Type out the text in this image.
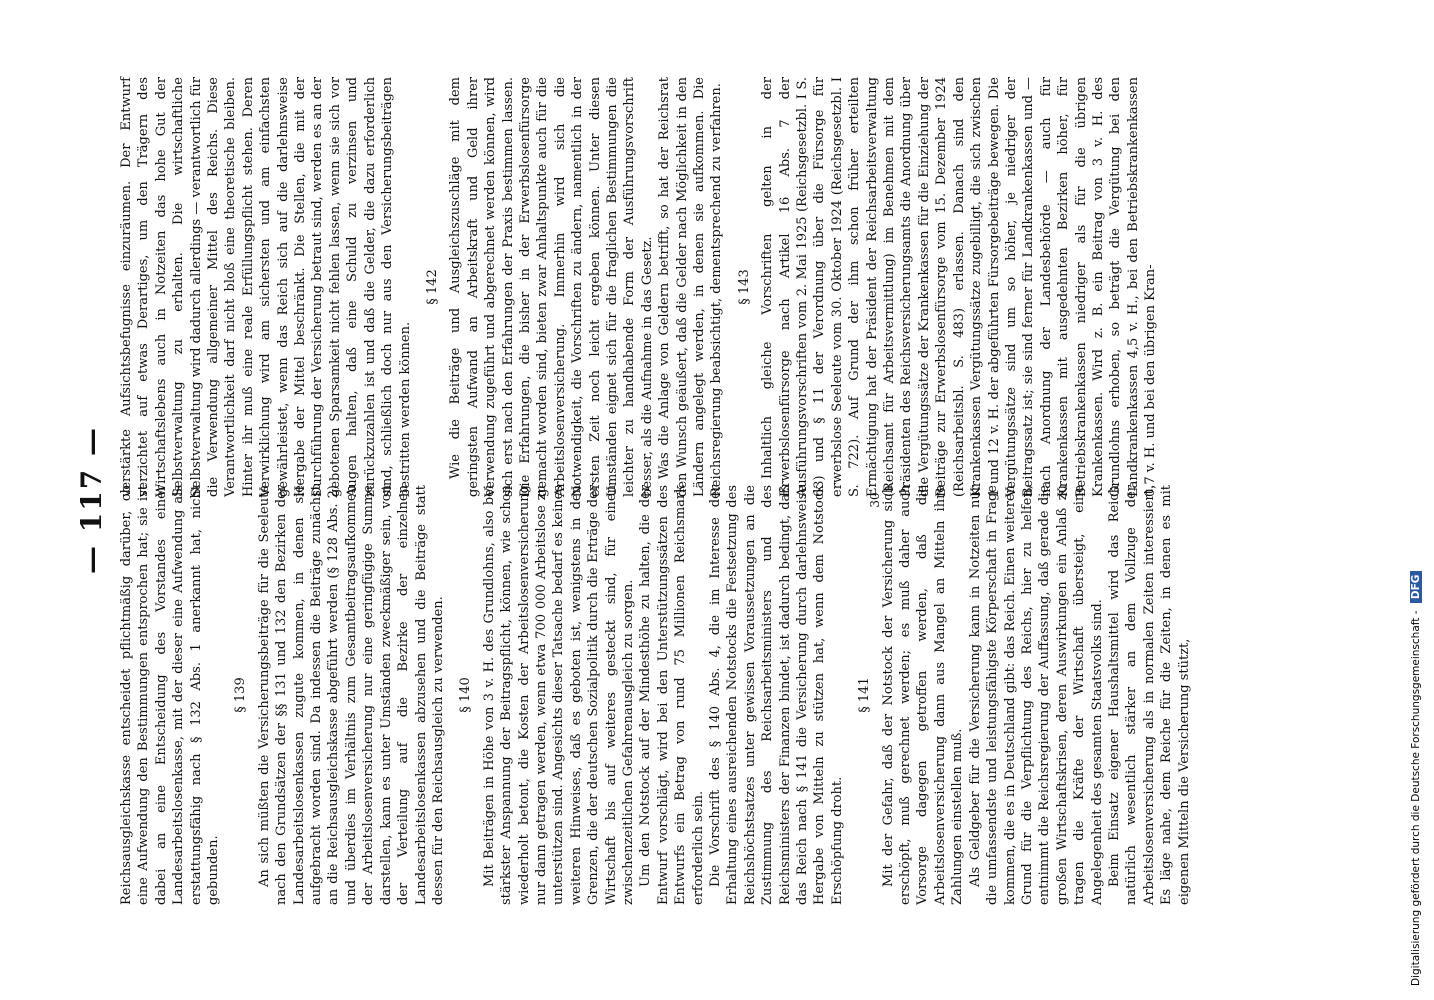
— 117 — Reichsausgleichskasse entscheidet pflichtmäßig darüber, ob eine Aufwendung den Bestimmungen entsprochen hat; sie ist dabei an eine Entscheidung des Vorstandes einer Landesarbeitslosenkasse, mit der dieser eine Aufwendung als erstattungsfähig nach § 132 Abs. 1 anerkannt hat, nicht gebunden.

§ 139 An sich müßten die Versicherungsbeiträge für die Seeleute nach den Grundsätzen der §§ 131 und 132 den Bezirken der Landesarbeitslosenkassen zugute kommen, in denen sie aufgebracht worden sind. Da indessen die Beiträge zunächst an die Reichsausgleichskasse abgeführt werden (§ 128 Abs. 2) und überdies im Verhältnis zum Gesamtbeitragsaufkommen der Arbeitslosenversicherung nur eine geringfügige Summe darstellen, kann es unter Umständen zweckmäßiger sein, von der Verteilung auf die Bezirke der einzelnen Landesarbeitslosenkassen abzusehen und die Beiträge statt dessen für den Reichsausgleich zu verwenden. § 140 Mit Beiträgen in Höhe von 3 v. H. des Grundlohns, also bei stärkster Anspannung der Beitragspflicht, können, wie schon wiederholt betont, die Kosten der Arbeitslosenversicherung nur dann getragen werden, wenn etwa 700 000 Arbeitslose zu unterstützen sind. Angesichts dieser Tatsache bedarf es keines weiteren Hinweises, daß es geboten ist, wenigstens in den Grenzen, die der deutschen Sozialpolitik durch die Erträge der Wirtschaft bis auf weiteres gesteckt sind, für einen zwischenzeitlichen Gefahrenausgleich zu sorgen. Um den Notstock auf der Mindesthöhe zu halten, die der Entwurf vorschlägt, wird bei den Unterstützungssätzen des Entwurfs ein Betrag von rund 75 Millionen Reichsmark erforderlich sein. Die Vorschrift des § 140 Abs. 4, die im Interesse der Erhaltung eines ausreichenden Notstocks die Festsetzung des Reichshöchstsatzes unter gewissen Voraussetzungen an die Zustimmung des Reichsarbeitsministers und des Reichsministers der Finanzen bindet, ist dadurch bedingt, daß das Reich nach § 141 die Versicherung durch darlehnsweise Hergabe von Mitteln zu stützen hat, wenn dem Notstock Erschöpfung droht.

§ 141 Mit der Gefahr, daß der Notstock der Versicherung sich erschöpft, muß gerechnet werden; es muß daher auch Vorsorge dagegen getroffen werden, daß die Arbeitslosenversicherung dann aus Mangel an Mitteln ihre Zahlungen einstellen muß. Als Geldgeber für die Versicherung kann in Notzeiten nur die umfassendste und leistungsfähigste Körperschaft in Frage kommen, die es in Deutschland gibt: das Reich. Einen weiteren Grund für die Verpflichtung des Reichs, hier zu helfen, entnimmt die Reichsregierung der Auffassung, daß gerade die großen Wirtschaftskrisen, deren Auswirkungen ein Anlaß zu tragen die Kräfte der Wirtschaft übersteigt, eine Angelegenheit des gesamten Staatsvolks sind. Beim Einsatz eigener Haushaltsmittel wird das Reich natürlich wesentlich stärker an dem Vollzuge der Arbeitslosenversicherung als in normalen Zeiten interessiert. Es läge nahe, dem Reiche für die Zeiten, in denen es mit eigenen Mitteln die Versicherung stützt,

verstärkte Aufsichtsbefugnisse einzuräumen. Der Entwurf verzichtet auf etwas Derartiges, um den Trägern des Wirtschaftslebens auch in Notzeiten das hohe Gut der Selbstverwaltung zu erhalten. Die wirtschaftliche Selbstverwaltung wird dadurch allerdings — verantwortlich für die Verwendung allgemeiner Mittel des Reichs. Diese Verantwortlichkeit darf nicht bloß eine theoretische bleiben. Hinter ihr muß eine reale Erfüllungspflicht stehen. Deren Verwirklichung wird am sichersten und am einfachsten gewährleistet, wenn das Reich sich auf die darlehnsweise Hergabe der Mittel beschränkt. Die Stellen, die mit der Durchführung der Versicherung betraut sind, werden es an der gebotenen Sparsamkeit nicht fehlen lassen, wenn sie sich vor Augen halten, daß eine Schuld zu verzinsen und zurückzuzahlen ist und daß die Gelder, die dazu erforderlich sind, schließlich doch nur aus den Versicherungsbeiträgen bestritten werden können.

§ 142 Wie die Beiträge und Ausgleichszuschläge mit dem geringsten Aufwand an Arbeitskraft und Geld ihrer Verwendung zugeführt und abgerechnet werden können, wird sich erst nach den Erfahrungen der Praxis bestimmen lassen. Die Erfahrungen, die bisher in der Erwerbslosenfürsorge gemacht worden sind, bieten zwar Anhaltspunkte auch für die Arbeitslosenversicherung. Immerhin wird sich die Notwendigkeit, die Vorschriften zu ändern, namentlich in der ersten Zeit noch leicht ergeben können. Unter diesen Umständen eignet sich für die fraglichen Bestimmungen die leichter zu handhabende Form der Ausführungsvorschrift besser, als die Aufnahme in das Gesetz. Was die Anlage von Geldern betrifft, so hat der Reichsrat den Wunsch geäußert, daß die Gelder nach Möglichkeit in den Ländern angelegt werden, in denen sie aufkommen. Die Reichsregierung beabsichtigt, dementsprechend zu verfahren. § 143 Inhaltlich gleiche Vorschriften gelten in der Erwerbslosenfürsorge nach Artikel 16 Abs. 7 der Ausführungsvorschriften vom 2. Mai 1925 (Reichsgesetzbl. I S. 63) und § 11 der Verordnung über die Fürsorge für erwerbslose Seeleute vom 30. Oktober 1924 (Reichsgesetzbl. I S. 722). Auf Grund der ihm schon früher erteilten Ermächtigung hat der Präsident der Reichsarbeitsverwaltung (Reichsamt für Arbeitsvermittlung) im Benehmen mit dem Präsidenten des Reichsversicherungsamts die Anordnung über die Vergütungssätze der Krankenkassen für die Einziehung der Beiträge zur Erwerbslosenfürsorge vom 15. Dezember 1924 (Reichsarbeitsbl. S. 483) erlassen. Danach sind den Krankenkassen Vergütungssätze zugebilligt, die sich zwischen 1 und 12 v. H. der abgeführten Fürsorgebeiträge bewegen. Die Vergütungssätze sind um so höher, je niedriger der Beitragssatz ist; sie sind ferner für Landkrankenkassen und — nach Anordnung der Landesbehörde — auch für Krankenkassen mit ausgedehnten Bezirken höher, für Betriebskrankenkassen niedriger als für die übrigen Krankenkassen. Wird z. B. ein Beitrag von 3 v. H. des Grundlohns erhoben, so beträgt die Vergütung bei den Landkrankenkassen 4,5 v. H., bei den Betriebskrankenkassen 0,7 v. H. und bei den übrigen Kran-

30
Digitalisierung gefördert durch die Deutsche Forschungsgemeinschaft - DFG
